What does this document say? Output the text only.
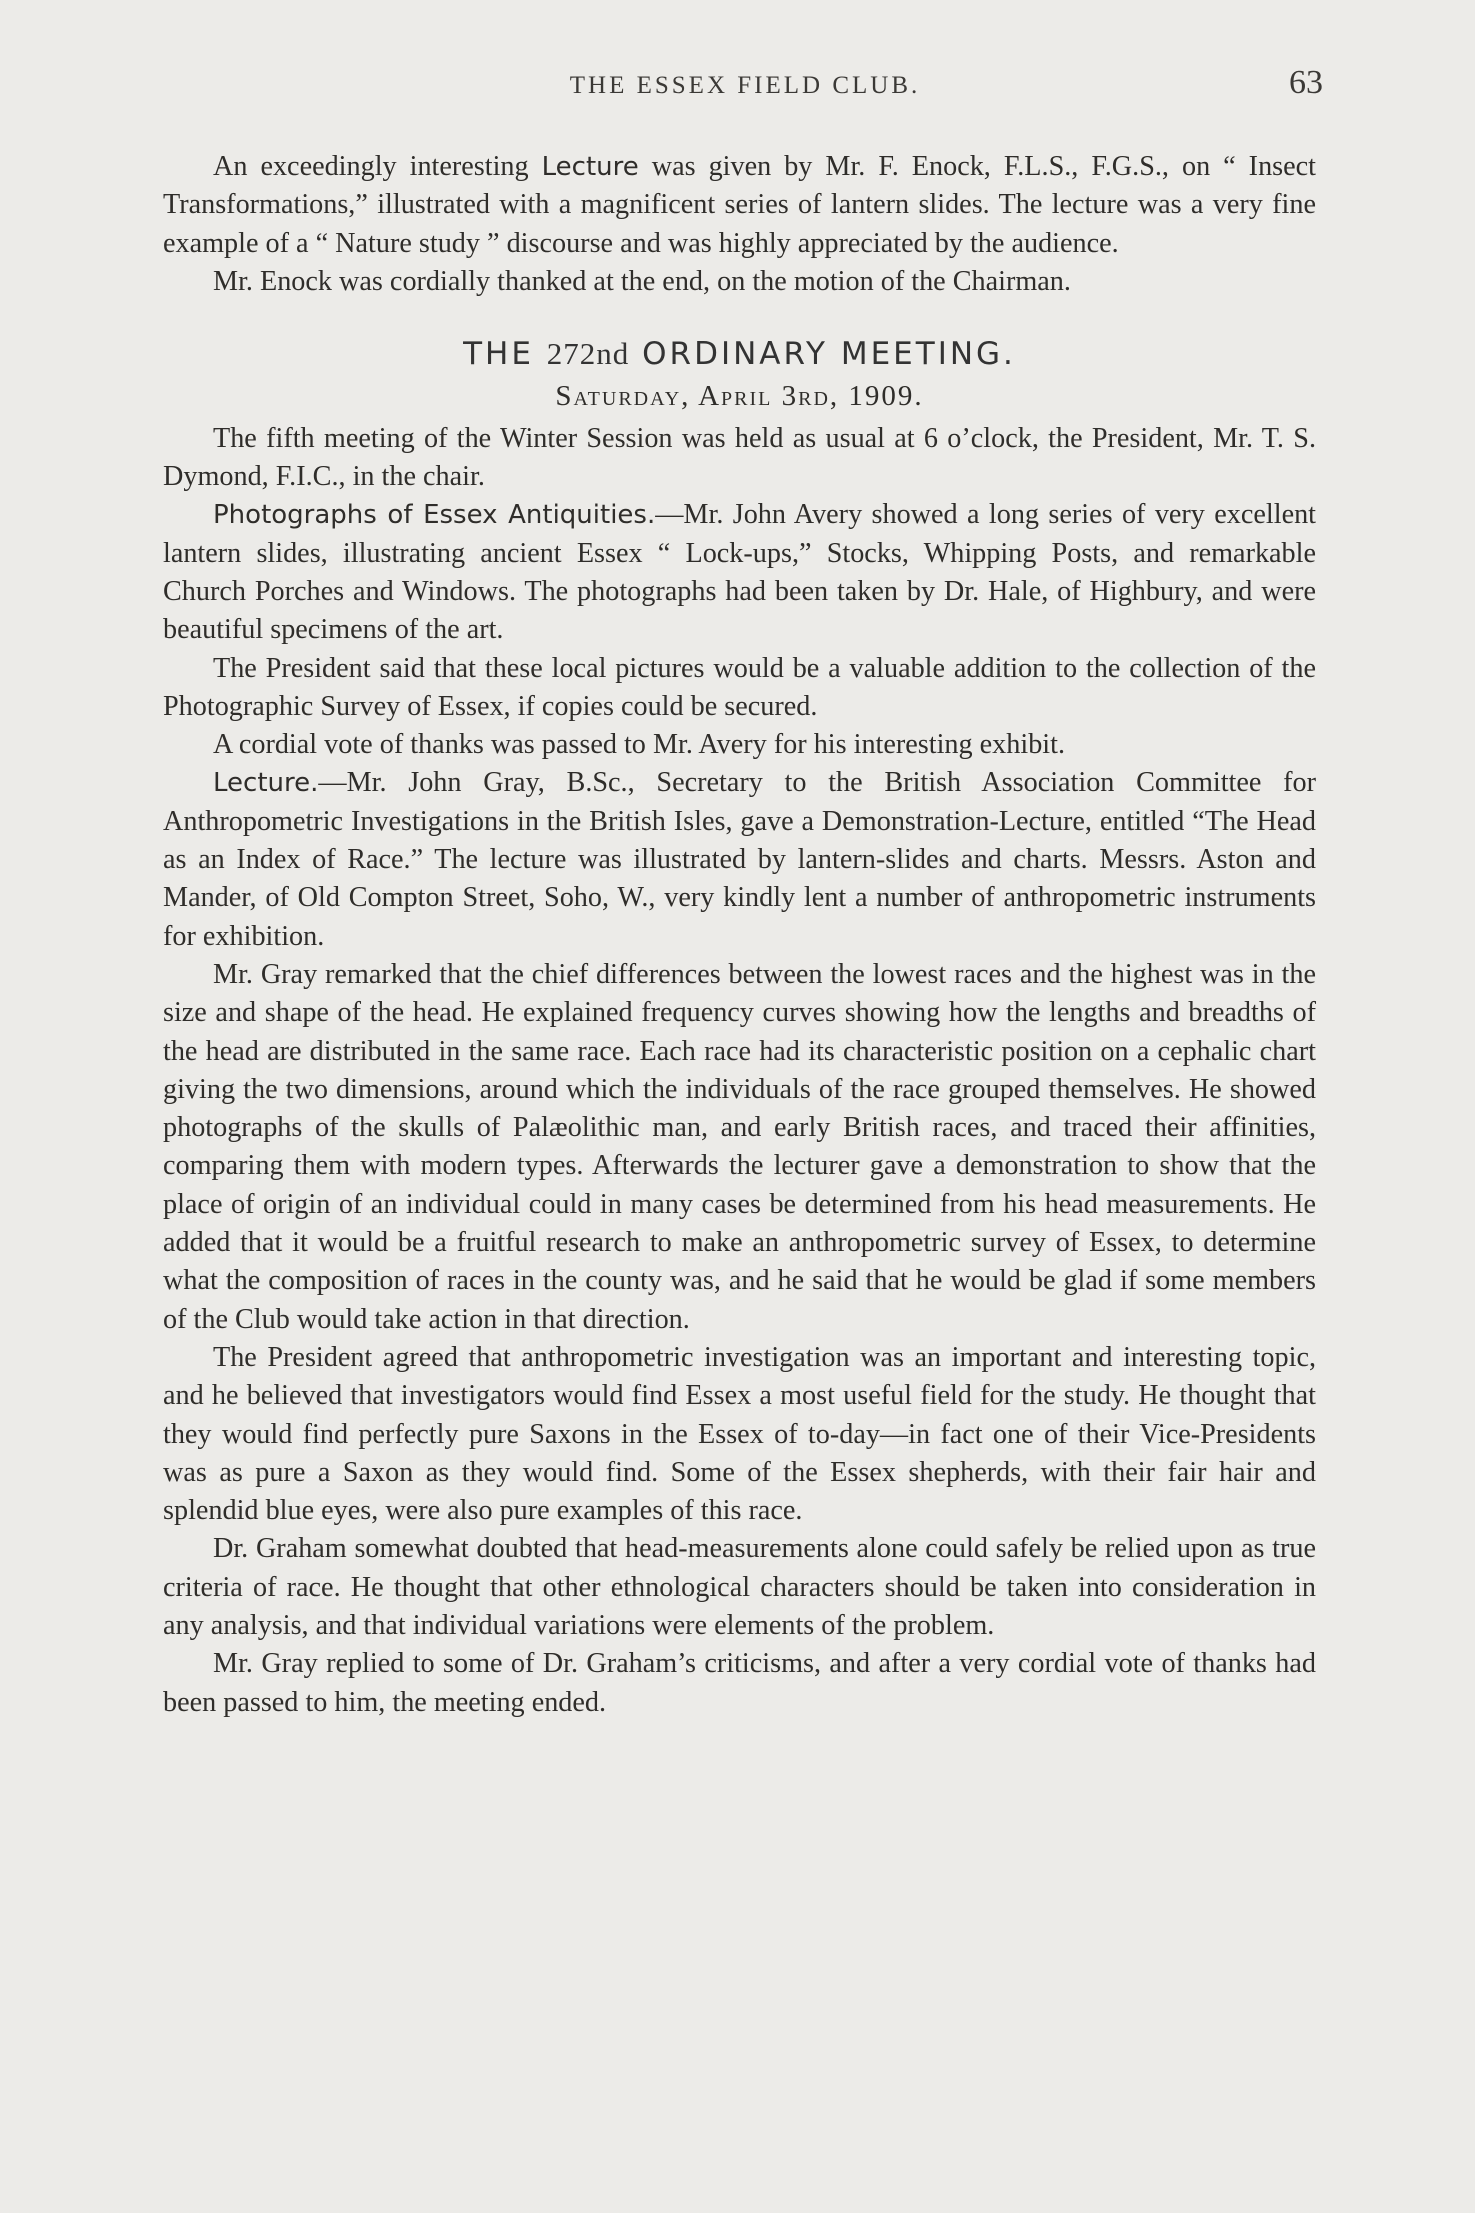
THE ESSEX FIELD CLUB.	63

An exceedingly interesting Lecture was given by Mr. F. Enock, F.L.S., F.G.S., on “ Insect Transformations,” illustrated with a magnificent series of lantern slides. The lecture was a very fine example of a “ Nature study ” discourse and was highly appreciated by the audience.

Mr. Enock was cordially thanked at the end, on the motion of the Chairman.

THE 272nd ORDINARY MEETING.

Saturday, April 3rd, 1909.

The fifth meeting of the Winter Session was held as usual at 6 o’clock, the President, Mr. T. S. Dymond, F.I.C., in the chair.

Photographs of Essex Antiquities.—Mr. John Avery showed a long series of very excellent lantern slides, illustrating ancient Essex “ Lock-ups,” Stocks, Whipping Posts, and remarkable Church Porches and Windows. The photographs had been taken by Dr. Hale, of Highbury, and were beautiful specimens of the art.

The President said that these local pictures would be a valuable addition to the collection of the Photographic Survey of Essex, if copies could be secured.

A cordial vote of thanks was passed to Mr. Avery for his interesting exhibit.

Lecture.—Mr. John Gray, B.Sc., Secretary to the British Association Committee for Anthropometric Investigations in the British Isles, gave a Demonstration-Lecture, entitled “The Head as an Index of Race.” The lecture was illustrated by lantern-slides and charts. Messrs. Aston and Mander, of Old Compton Street, Soho, W., very kindly lent a number of anthropometric instruments for exhibition.

Mr. Gray remarked that the chief differences between the lowest races and the highest was in the size and shape of the head. He explained frequency curves showing how the lengths and breadths of the head are distributed in the same race. Each race had its characteristic position on a cephalic chart giving the two dimensions, around which the individuals of the race grouped themselves. He showed photographs of the skulls of Palæolithic man, and early British races, and traced their affinities, comparing them with modern types. Afterwards the lecturer gave a demonstration to show that the place of origin of an individual could in many cases be determined from his head measurements. He added that it would be a fruitful research to make an anthropometric survey of Essex, to determine what the composition of races in the county was, and he said that he would be glad if some members of the Club would take action in that direction.

The President agreed that anthropometric investigation was an important and interesting topic, and he believed that investigators would find Essex a most useful field for the study. He thought that they would find perfectly pure Saxons in the Essex of to-day—in fact one of their Vice-Presidents was as pure a Saxon as they would find. Some of the Essex shepherds, with their fair hair and splendid blue eyes, were also pure examples of this race.

Dr. Graham somewhat doubted that head-measurements alone could safely be relied upon as true criteria of race. He thought that other ethnological characters should be taken into consideration in any analysis, and that individual variations were elements of the problem.

Mr. Gray replied to some of Dr. Graham’s criticisms, and after a very cordial vote of thanks had been passed to him, the meeting ended.
